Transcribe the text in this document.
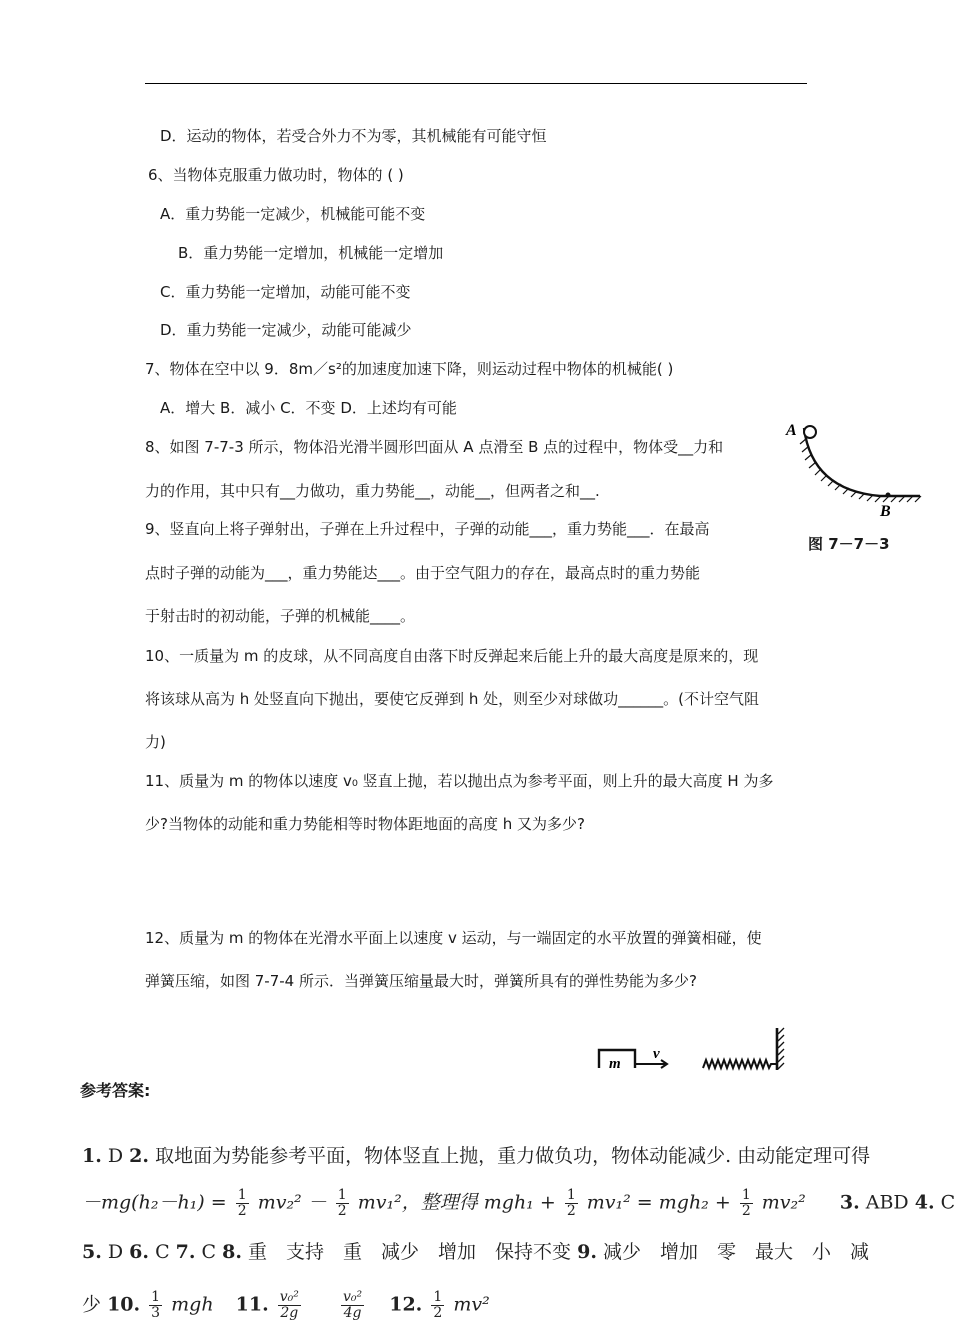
D．运动的物体，若受合外力不为零，其机械能有可能守恒
6、当物体克服重力做功时，物体的 ( )
A．重力势能一定减少，机械能可能不变
B．重力势能一定增加，机械能一定增加
C．重力势能一定增加，动能可能不变
D．重力势能一定减少，动能可能减少
7、物体在空中以 9．8m／s²的加速度加速下降，则运动过程中物体的机械能( )
A．增大 B．减小 C．不变 D．上述均有可能
8、如图 7-7-3 所示，物体沿光滑半圆形凹面从 A 点滑至 B 点的过程中，物体受__力和
力的作用，其中只有__力做功，重力势能__，动能__，但两者之和__.
9、竖直向上将子弹射出，子弹在上升过程中，子弹的动能___，重力势能___．在最高
点时子弹的动能为___，重力势能达___。由于空气阻力的存在，最高点时的重力势能
于射击时的初动能，子弹的机械能____。
10、一质量为 m 的皮球，从不同高度自由落下时反弹起来后能上升的最大高度是原来的，现
将该球从高为 h 处竖直向下抛出，要使它反弹到 h 处，则至少对球做功______。(不计空气阻
力)
11、质量为 m 的物体以速度 v₀ 竖直上抛，若以抛出点为参考平面，则上升的最大高度 H 为多
少?当物体的动能和重力势能相等时物体距地面的高度 h 又为多少?
12、质量为 m 的物体在光滑水平面上以速度 v 运动，与一端固定的水平放置的弹簧相碰，使
弹簧压缩，如图 7-7-4 所示．当弹簧压缩量最大时，弹簧所具有的弹性势能为多少?
A
B
图 7－7－3
m
v
参考答案:
1. D 2. 取地面为势能参考平面，物体竖直上抛，重力做负功，物体动能减少. 由动能定理可得
$-mg(h_2-h_1) = \frac{1}{2} mv_2^2 - \frac{1}{2} mv_1^2$，整理得 $mgh_1 + \frac{1}{2} mv_1^2 = mgh_2 + \frac{1}{2} mv_2^2$ 3. ABD 4. C
5. D 6. C 7. C 8. 重　支持　重　减少　增加　保持不变 9. 减少　增加　零　最大　小　减
少 10. $\frac{1}{3}$ mgh 11. $\frac{\text{v₀²}}{2g}$
	$\frac{\text{v₀²}}{4g} 12$. $\frac{1}{2} mv^2$
